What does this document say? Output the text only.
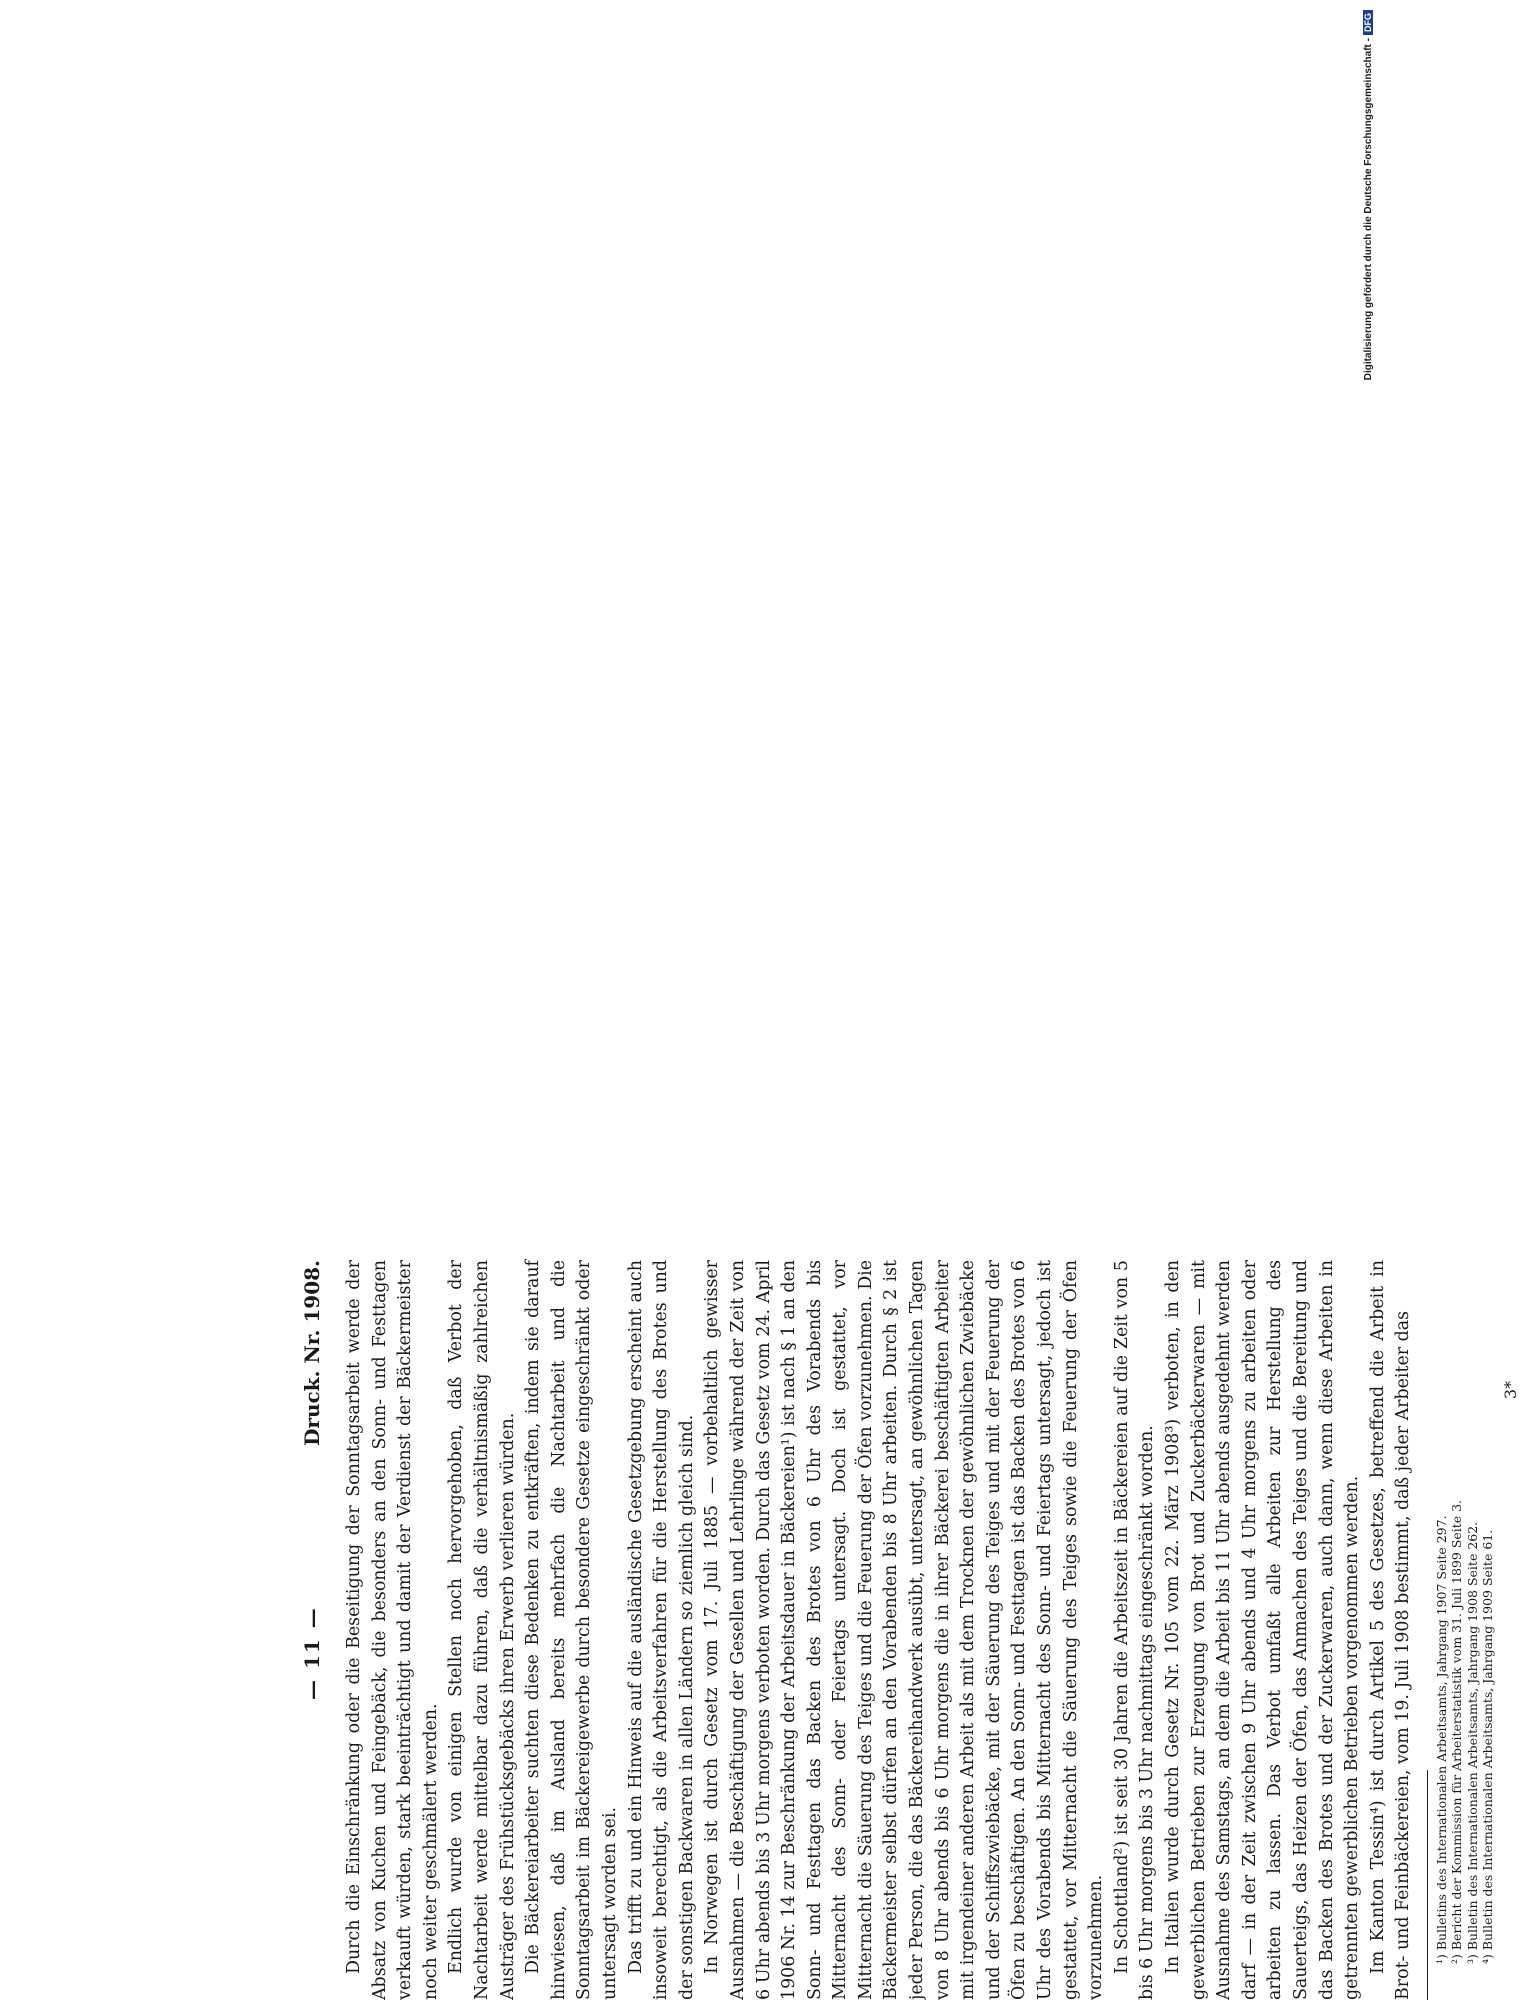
— 11 —
Druck. Nr. 1908. Durch die Einschränkung oder die Beseitigung der Sonntagsarbeit werde der Absatz von Kuchen und Feingebäck, die besonders an den Sonn- und Festtagen verkauft würden, stark beeinträchtigt und damit der Verdienst der Bäckermeister noch weiter geschmälert werden. Endlich wurde von einigen Stellen noch hervorgehoben, daß Verbot der Nachtarbeit werde mittelbar dazu führen, daß die verhältnismäßig zahlreichen Austräger des Frühstücksgebäcks ihren Erwerb verlieren würden. Die Bäckereiarbeiter suchten diese Bedenken zu entkräften, indem sie darauf hinwiesen, daß im Ausland bereits mehrfach die Nachtarbeit und die Sonntagsarbeit im Bäckereigewerbe durch besondere Gesetze eingeschränkt oder untersagt worden sei. Das trifft zu und ein Hinweis auf die ausländische Gesetzgebung erscheint auch insoweit berechtigt, als die Arbeitsverfahren für die Herstellung des Brotes und der sonstigen Backwaren in allen Ländern so ziemlich gleich sind. In Norwegen ist durch Gesetz vom 17. Juli 1885 — vorbehaltlich gewisser Ausnahmen — die Beschäftigung der Gesellen und Lehrlinge während der Zeit von 6 Uhr abends bis 3 Uhr morgens verboten worden. Durch das Gesetz vom 24. April 1906 Nr. 14 zur Beschränkung der Arbeitsdauer in Bäckereien¹) ist nach § 1 an den Sonn- und Festtagen das Backen des Brotes von 6 Uhr des Vorabends bis Mitternacht des Sonn- oder Feiertags untersagt. Doch ist gestattet, vor Mitternacht die Säuerung des Teiges und die Feuerung der Öfen vorzunehmen. Die Bäckermeister selbst dürfen an den Vorabenden bis 8 Uhr arbeiten. Durch § 2 ist jeder Person, die das Bäckereihandwerk ausübt, untersagt, an gewöhnlichen Tagen von 8 Uhr abends bis 6 Uhr morgens die in ihrer Bäckerei beschäftigten Arbeiter mit irgendeiner anderen Arbeit als mit dem Trocknen der gewöhnlichen Zwiebäcke und der Schiffszwiebäcke, mit der Säuerung des Teiges und mit der Feuerung der Öfen zu beschäftigen. An den Sonn- und Festtagen ist das Backen des Brotes von 6 Uhr des Vorabends bis Mitternacht des Sonn- und Feiertags untersagt, jedoch ist gestattet, vor Mitternacht die Säuerung des Teiges sowie die Feuerung der Öfen vorzunehmen. In Schottland²) ist seit 30 Jahren die Arbeitszeit in Bäckereien auf die Zeit von 5 bis 6 Uhr morgens bis 3 Uhr nachmittags eingeschränkt worden. In Italien wurde durch Gesetz Nr. 105 vom 22. März 1908³) verboten, in den gewerblichen Betrieben zur Erzeugung von Brot und Zuckerbäckerwaren — mit Ausnahme des Samstags, an dem die Arbeit bis 11 Uhr abends ausgedehnt werden darf — in der Zeit zwischen 9 Uhr abends und 4 Uhr morgens zu arbeiten oder arbeiten zu lassen. Das Verbot umfaßt alle Arbeiten zur Herstellung des Sauerteigs, das Heizen der Öfen, das Anmachen des Teiges und die Bereitung und das Backen des Brotes und der Zuckerwaren, auch dann, wenn diese Arbeiten in getrennten gewerblichen Betrieben vorgenommen werden. Im Kanton Tessin⁴) ist durch Artikel 5 des Gesetzes, betreffend die Arbeit in Brot- und Feinbäckereien, vom 19. Juli 1908 bestimmt, daß jeder Arbeiter das ¹) Bulletins des Internationalen Arbeitsamts, Jahrgang 1907 Seite 297. ²) Bericht der Kommission für Arbeiterstatistik vom 31. Juli 1899 Seite 3. ³) Bulletin des Internationalen Arbeitsamts, Jahrgang 1908 Seite 262. ⁴) Bulletin des Internationalen Arbeitsamts, Jahrgang 1909 Seite 61.

3*
Digitalisierung gefördert durch die Deutsche Forschungsgemeinschaft -DFG
